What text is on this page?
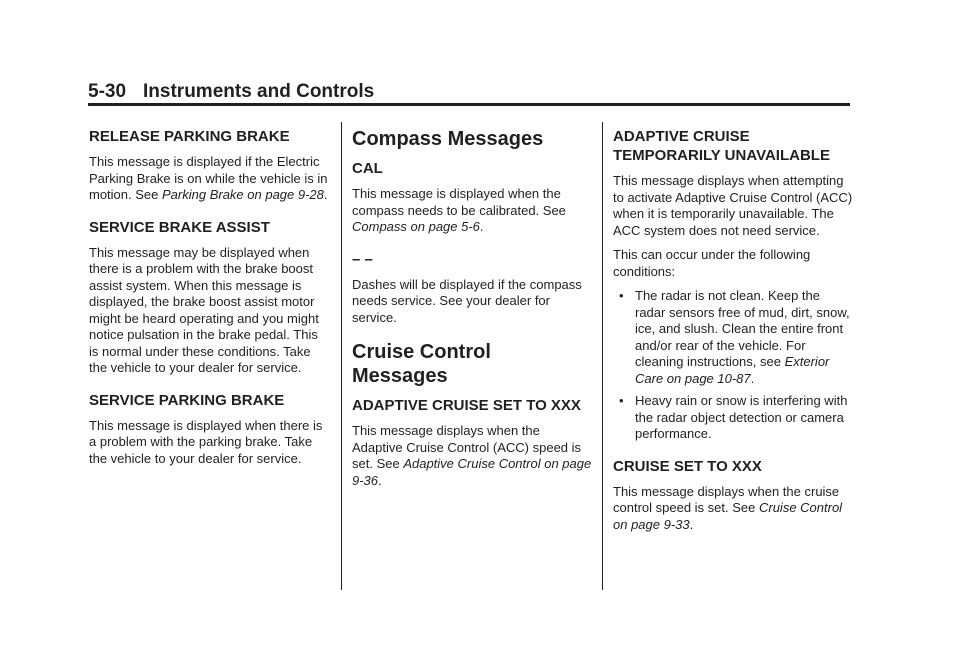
5-30 Instruments and Controls
RELEASE PARKING BRAKE

This message is displayed if the Electric Parking Brake is on while the vehicle is in motion. See Parking Brake on page 9-28.

SERVICE BRAKE ASSIST

This message may be displayed when there is a problem with the brake boost assist system. When this message is displayed, the brake boost assist motor might be heard operating and you might notice pulsation in the brake pedal. This is normal under these conditions. Take the vehicle to your dealer for service.

SERVICE PARKING BRAKE

This message is displayed when there is a problem with the parking brake. Take the vehicle to your dealer for service.

Compass Messages
CAL

This message is displayed when the compass needs to be calibrated. See Compass on page 5-6.

– –

Dashes will be displayed if the compass needs service. See your dealer for service.

Cruise Control Messages
ADAPTIVE CRUISE SET TO XXX

This message displays when the Adaptive Cruise Control (ACC) speed is set. See Adaptive Cruise Control on page 9-36.

ADAPTIVE CRUISE TEMPORARILY UNAVAILABLE

This message displays when attempting to activate Adaptive Cruise Control (ACC) when it is temporarily unavailable. The ACC system does not need service.

This can occur under the following conditions:

• The radar is not clean. Keep the radar sensors free of mud, dirt, snow, ice, and slush. Clean the entire front and/or rear of the vehicle. For cleaning instructions, see Exterior Care on page 10-87.
• Heavy rain or snow is interfering with the radar object detection or camera performance.
CRUISE SET TO XXX

This message displays when the cruise control speed is set. See Cruise Control on page 9-33.
